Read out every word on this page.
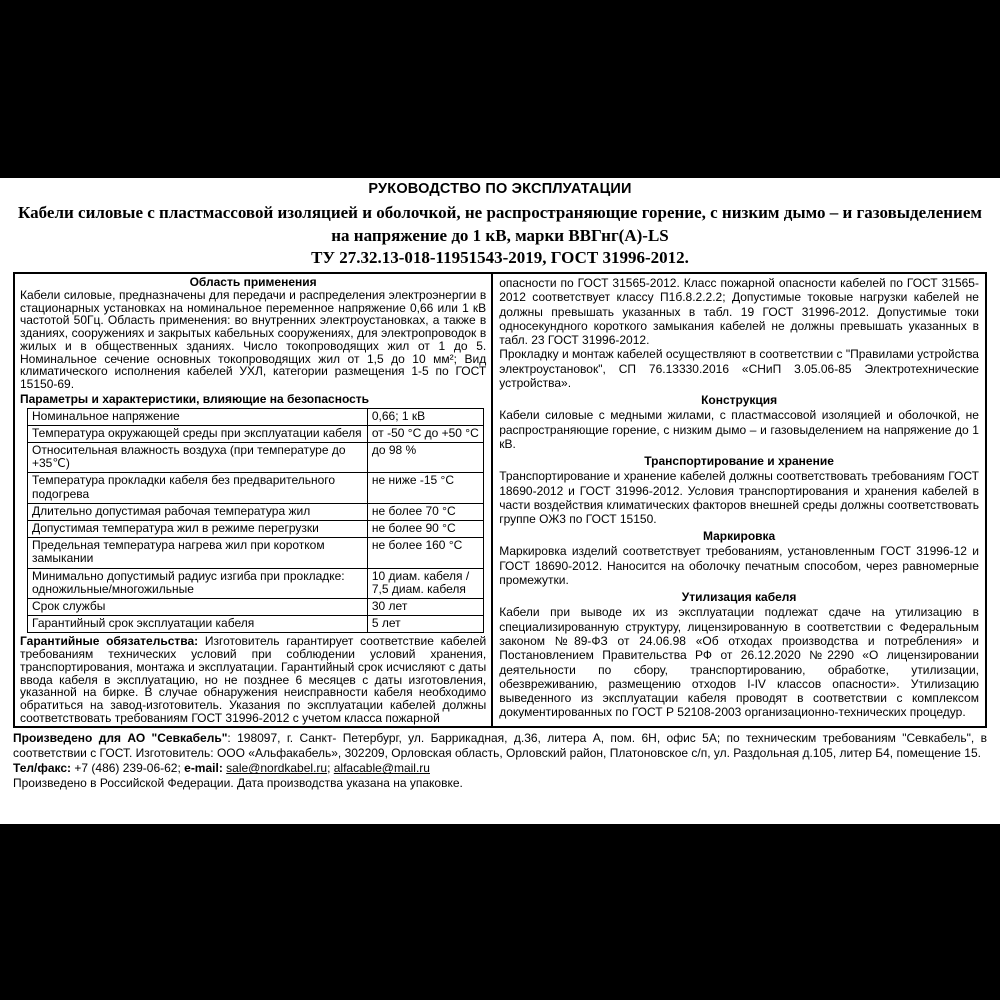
РУКОВОДСТВО ПО ЭКСПЛУАТАЦИИ
Кабели силовые с пластмассовой изоляцией и оболочкой, не распространяющие горение, с низким дымо – и газовыделением на напряжение до 1 кВ, марки ВВГнг(А)-LS
ТУ 27.32.13-018-11951543-2019, ГОСТ 31996-2012.
Область применения

Кабели силовые, предназначены для передачи и распределения электроэнергии в стационарных установках на номинальное переменное напряжение 0,66 или 1 кВ частотой 50Гц. Область применения: во внутренних электроустановках, а также в зданиях, сооружениях и закрытых кабельных сооружениях, для электропроводок в жилых и в общественных зданиях. Число токопроводящих жил от 1 до 5. Номинальное сечение основных токопроводящих жил от 1,5 до 10 мм²; Вид климатического исполнения кабелей УХЛ, категории размещения 1-5 по ГОСТ 15150-69.

Параметры и характеристики, влияющие на безопасность
Номинальное напряжение	0,66; 1 кВ
Температура окружающей среды при эксплуатации кабеля	от -50 °С до +50 °С
Относительная влажность воздуха (при температуре до +35℃)	до 98 %
Температура прокладки кабеля без предварительного подогрева	не ниже -15 °С
Длительно допустимая рабочая температура жил	не более 70 °С
Допустимая температура жил в режиме перегрузки	не более 90 °С
Предельная температура нагрева жил при коротком замыкании	не более 160 °С
Минимально допустимый радиус изгиба при прокладке: одножильные/многожильные	10 диам. кабеля / 7,5 диам. кабеля
Срок службы	30 лет
Гарантийный срок эксплуатации кабеля	5 лет

Гарантийные обязательства: Изготовитель гарантирует соответствие кабелей требованиям технических условий при соблюдении условий хранения, транспортирования, монтажа и эксплуатации. Гарантийный срок исчисляют с даты ввода кабеля в эксплуатацию, но не позднее 6 месяцев с даты изготовления, указанной на бирке. В случае обнаружения неисправности кабеля необходимо обратиться на завод-изготовитель. Указания по эксплуатации кабелей должны соответствовать требованиям ГОСТ 31996-2012 с учетом класса пожарной

опасности по ГОСТ 31565-2012. Класс пожарной опасности кабелей по ГОСТ 31565-2012 соответствует классу П1б.8.2.2.2; Допустимые токовые нагрузки кабелей не должны превышать указанных в табл. 19 ГОСТ 31996-2012. Допустимые токи односекундного короткого замыкания кабелей не должны превышать указанных в табл. 23 ГОСТ 31996-2012.

Прокладку и монтаж кабелей осуществляют в соответствии с "Правилами устройства электроустановок", СП 76.13330.2016 «СНиП 3.05.06-85 Электротехнические устройства».

Конструкция

Кабели силовые с медными жилами, с пластмассовой изоляцией и оболочкой, не распространяющие горение, с низким дымо – и газовыделением на напряжение до 1 кВ.

Транспортирование и хранение

Транспортирование и хранение кабелей должны соответствовать требованиям ГОСТ 18690-2012 и ГОСТ 31996-2012. Условия транспортирования и хранения кабелей в части воздействия климатических факторов внешней среды должны соответствовать группе ОЖ3 по ГОСТ 15150.

Маркировка

Маркировка изделий соответствует требованиям, установленным ГОСТ 31996-12 и ГОСТ 18690-2012. Наносится на оболочку печатным способом, через равномерные промежутки.

Утилизация кабеля

Кабели при выводе их из эксплуатации подлежат сдаче на утилизацию в специализированную структуру, лицензированную в соответствии с Федеральным законом №89-ФЗ от 24.06.98 «Об отходах производства и потребления» и Постановлением Правительства РФ от 26.12.2020 №2290 «О лицензировании деятельности по сбору, транспортированию, обработке, утилизации, обезвреживанию, размещению отходов I-IV классов опасности». Утилизацию выведенного из эксплуатации кабеля проводят в соответствии с комплексом документированных по ГОСТ Р 52108-2003 организационно-технических процедур.

Произведено для АО "Севкабель": 198097, г. Санкт- Петербург, ул. Баррикадная, д.36, литера А, пом. 6Н, офис 5А; по техническим требованиям "Севкабель", в соответствии с ГОСТ. Изготовитель: ООО «Альфакабель», 302209, Орловская область, Орловский район, Платоновское с/п, ул. Раздольная д.105, литер Б4, помещение 15.

Тел/факс: +7 (486) 239-06-62; e-mail: sale@nordkabel.ru; alfacable@mail.ru

Произведено в Российской Федерации. Дата производства указана на упаковке.
